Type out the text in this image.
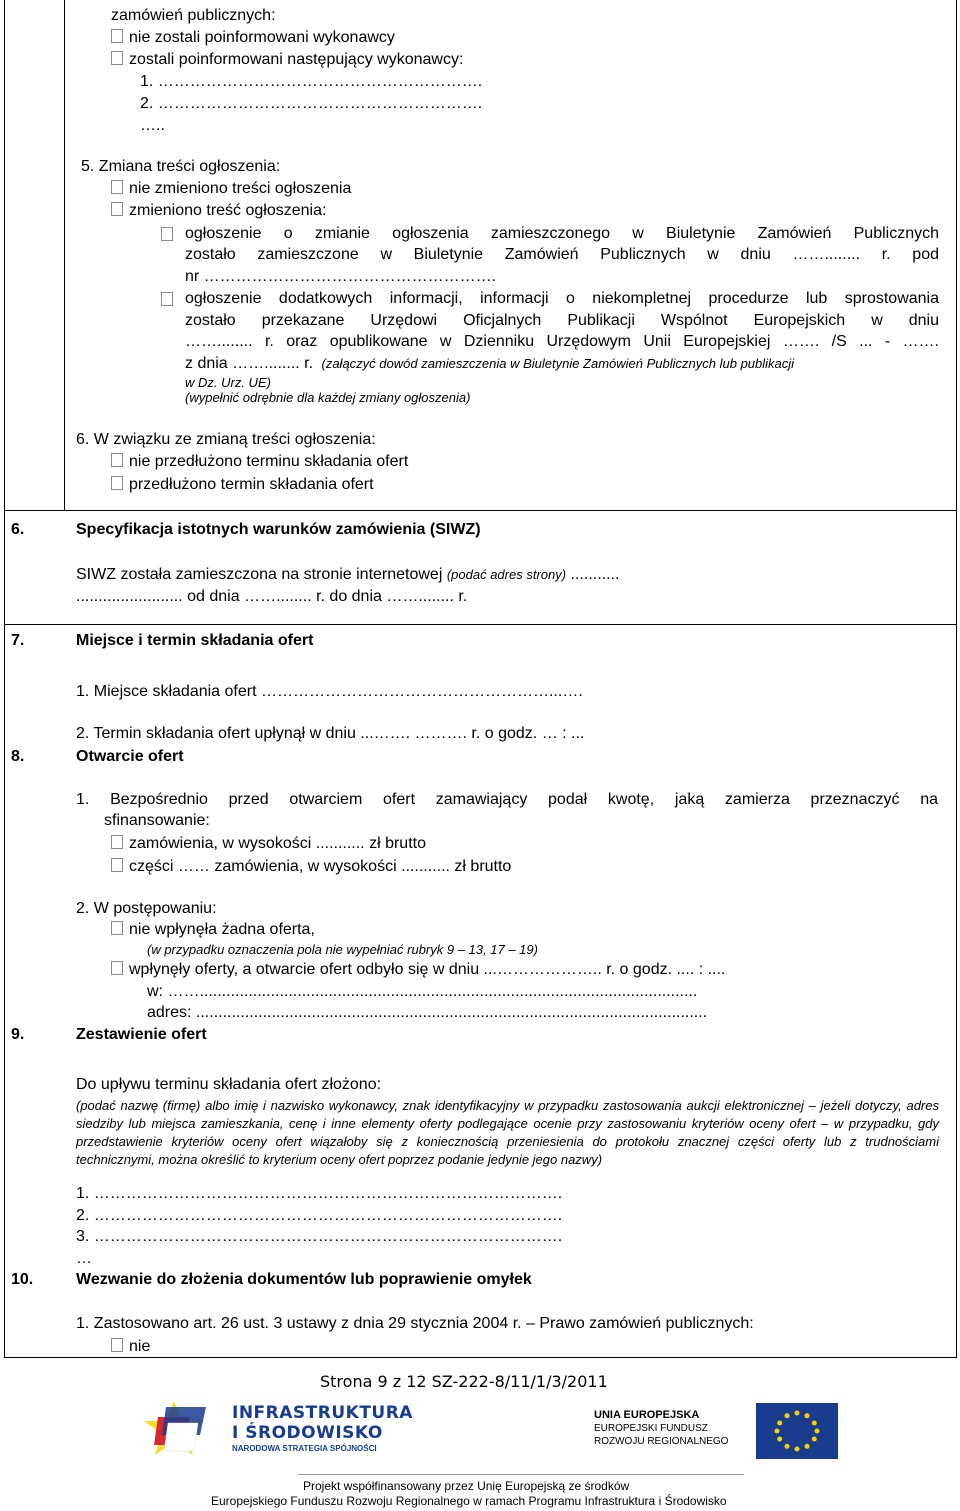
zamówień publicznych:
nie zostali poinformowani wykonawcy
zostali poinformowani następujący wykonawcy:
1. …………………………………………………….
2. …………………………………………………….
…..
5. Zmiana treści ogłoszenia:
nie zmieniono treści ogłoszenia
zmieniono treść ogłoszenia:
ogłoszenie o zmianie ogłoszenia zamieszczonego w Biuletynie Zamówień Publicznych
zostało zamieszczone w Biuletynie Zamówień Publicznych w dniu ……........ r. pod
nr ……………………………………………….
ogłoszenie dodatkowych informacji, informacji o niekompletnej procedurze lub sprostowania
zostało przekazane Urzędowi Oficjalnych Publikacji Wspólnot Europejskich w dniu
……........ r. oraz opublikowane w Dzienniku Urzędowym Unii Europejskiej ……. /S ... - …….
z dnia ……........ r. (załączyć dowód zamieszczenia w Biuletynie Zamówień Publicznych lub publikacji
w Dz. Urz. UE)
(wypełnić odrębnie dla każdej zmiany ogłoszenia)
6. W związku ze zmianą treści ogłoszenia:
nie przedłużono terminu składania ofert
przedłużono termin składania ofert
6.	Specyfikacja istotnych warunków zamówienia (SIWZ)
SIWZ została zamieszczona na stronie internetowej (podać adres strony) ...........
........................ od dnia ……........ r. do dnia ……........ r.
7.	Miejsce i termin składania ofert
1. Miejsce składania ofert ………………………………………………...….
2. Termin składania ofert upłynął w dniu ...……. ………. r. o godz. … : ...
8.	Otwarcie ofert
1. Bezpośrednio przed otwarciem ofert zamawiający podał kwotę, jaką zamierza przeznaczyć na
sfinansowanie:
zamówienia, w wysokości ........... zł brutto
części …… zamówienia, w wysokości ........... zł brutto
2. W postępowaniu:
nie wpłynęła żadna oferta,
(w przypadku oznaczenia pola nie wypełniać rubryk 9 – 13, 17 – 19)
wpłynęły oferty, a otwarcie ofert odbyło się w dniu ...……………….. r. o godz. .... : ....
w: ……................................................................................................................
adres: ...................................................................................................................
9.	Zestawienie ofert
Do upływu terminu składania ofert złożono:
(podać nazwę (firmę) albo imię i nazwisko wykonawcy, znak identyfikacyjny w przypadku zastosowania aukcji elektronicznej – jeżeli dotyczy, adres siedziby lub miejsca zamieszkania, cenę i inne elementy oferty podlegające ocenie przy zastosowaniu kryteriów oceny ofert – w przypadku, gdy przedstawienie kryteriów oceny ofert wiązałoby się z koniecznością przeniesienia do protokołu znacznej części oferty lub z trudnościami technicznymi, można określić to kryterium oceny ofert poprzez podanie jedynie jego nazwy)
1. …………………………………………………………………………….
2. …………………………………………………………………………….
3. …………………………………………………………………………….
…
10.	Wezwanie do złożenia dokumentów lub poprawienie omyłek
1. Zastosowano art. 26 ust. 3 ustawy z dnia 29 stycznia 2004 r. – Prawo zamówień publicznych:
nie
Strona 9 z 12 SZ-222-8/11/1/3/2011
INFRASTRUKTURA
I ŚRODOWISKO
NARODOWA STRATEGIA SPÓJNOŚCI
UNIA EUROPEJSKA
EUROPEJSKI FUNDUSZ
ROZWOJU REGIONALNEGO
Projekt współfinansowany przez Unię Europejską ze środków
Europejskiego Funduszu Rozwoju Regionalnego w ramach Programu Infrastruktura i Środowisko
